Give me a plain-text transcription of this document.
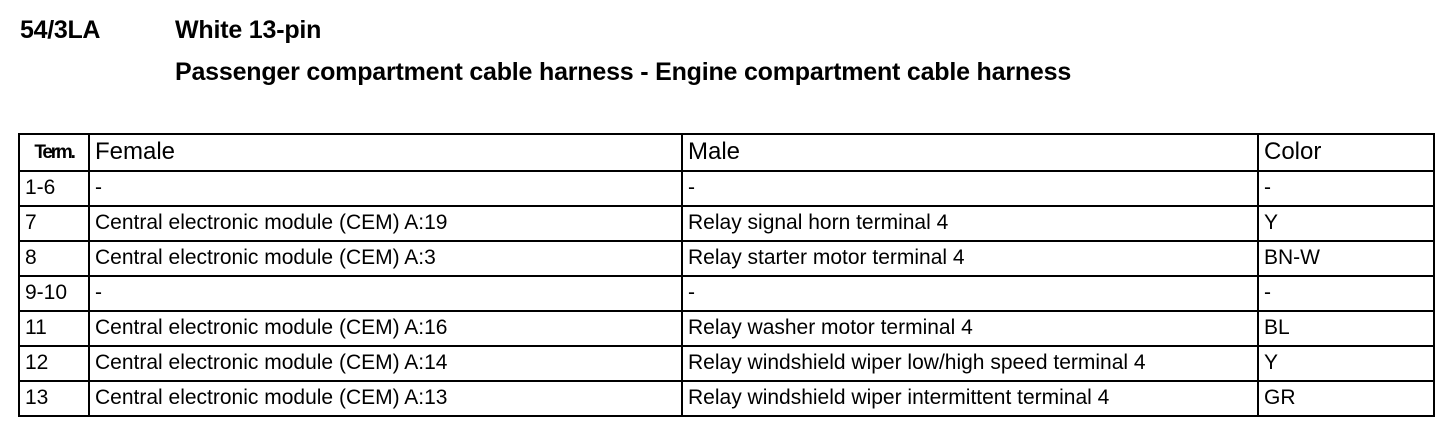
54/3LA	White 13-pin
Passenger compartment cable harness - Engine compartment cable harness
Term.	Female	Male	Color
1-6	-	-	-
7	Central electronic module (CEM) A:19	Relay signal horn terminal 4	Y
8	Central electronic module (CEM) A:3	Relay starter motor terminal 4	BN-W
9-10	-	-	-
11	Central electronic module (CEM) A:16	Relay washer motor terminal 4	BL
12	Central electronic module (CEM) A:14	Relay windshield wiper low/high speed terminal 4	Y
13	Central electronic module (CEM) A:13	Relay windshield wiper intermittent terminal 4	GR
